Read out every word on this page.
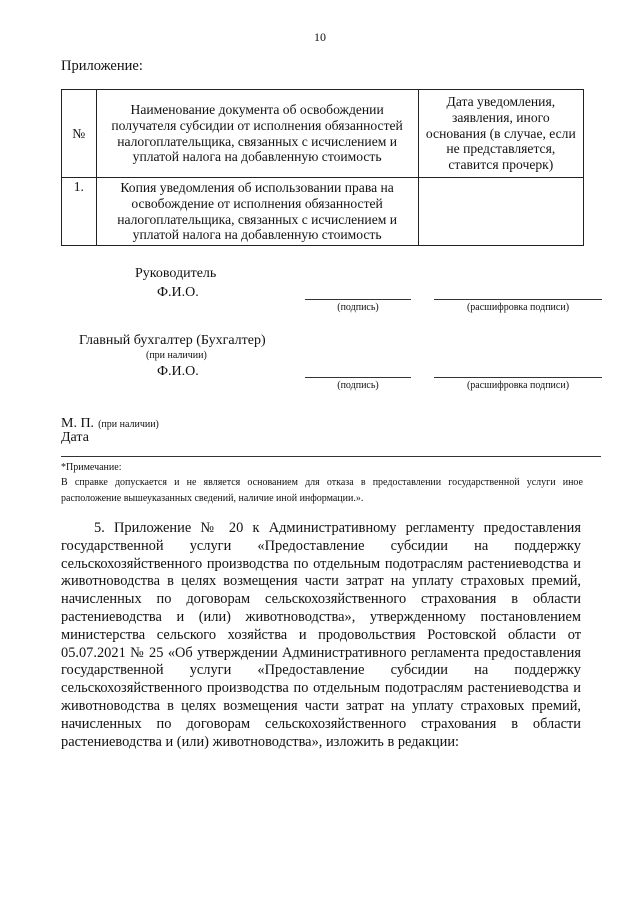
10
Приложение:
№	Наименование документа об освобождении получателя субсидии от исполнения обязанностей налогоплательщика, связанных с исчислением и уплатой налога на добавленную стоимость	Дата уведомления, заявления, иного основания (в случае, если не представляется, ставится прочерк)
1.	Копия уведомления об использовании права на освобождение от исполнения обязанностей налогоплательщика, связанных с исчислением и уплатой налога на добавленную стоимость	
Руководитель
Ф.И.О.
(подпись)	(расшифровка подписи)
Главный бухгалтер (Бухгалтер)
(при наличии)
Ф.И.О.
(подпись)	(расшифровка подписи)
М. П. (при наличии)
Дата
*Примечание:
В справке допускается и не является основанием для отказа в предоставлении государственной услуги иное расположение вышеуказанных сведений, наличие иной информации.».

5. Приложение № 20 к Административному регламенту предоставления государственной услуги «Предоставление субсидии на поддержку сельскохозяйственного производства по отдельным подотраслям растениеводства и животноводства в целях возмещения части затрат на уплату страховых премий, начисленных по договорам сельскохозяйственного страхования в области растениеводства и (или) животноводства», утвержденному постановлением министерства сельского хозяйства и продовольствия Ростовской области от 05.07.2021 № 25 «Об утверждении Административного регламента предоставления государственной услуги «Предоставление субсидии на поддержку сельскохозяйственного производства по отдельным подотраслям растениеводства и животноводства в целях возмещения части затрат на уплату страховых премий, начисленных по договорам сельскохозяйственного страхования в области растениеводства и (или) животноводства», изложить в редакции:
